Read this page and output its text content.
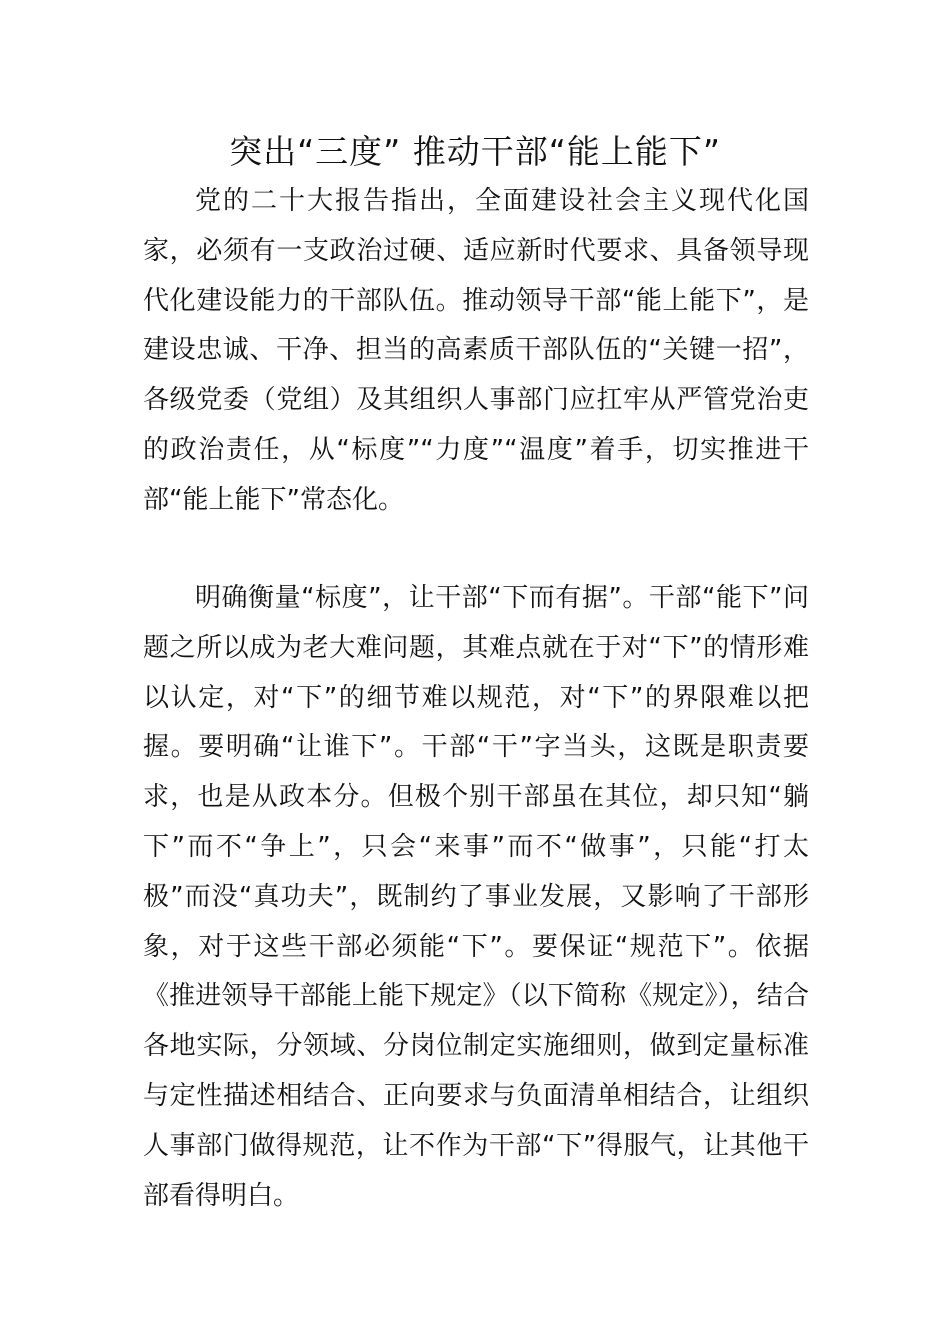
突出“三度” 推动干部“能上能下”

党的二十大报告指出，全面建设社会主义现代化国家，必须有一支政治过硬、适应新时代要求、具备领导现代化建设能力的干部队伍。推动领导干部“能上能下”，是建设忠诚、干净、担当的高素质干部队伍的“关键一招”，各级党委（党组）及其组织人事部门应扛牢从严管党治吏的政治责任，从“标度”“力度”“温度”着手，切实推进干部“能上能下”常态化。

明确衡量“标度”，让干部“下而有据”。干部“能下”问题之所以成为老大难问题，其难点就在于对“下”的情形难以认定，对“下”的细节难以规范，对“下”的界限难以把握。要明确“让谁下”。干部“干”字当头，这既是职责要求，也是从政本分。但极个别干部虽在其位，却只知“躺下”而不“争上”，只会“来事”而不“做事”，只能“打太极”而没“真功夫”，既制约了事业发展，又影响了干部形象，对于这些干部必须能“下”。要保证“规范下”。依据《推进领导干部能上能下规定》（以下简称《规定》），结合各地实际，分领域、分岗位制定实施细则，做到定量标准与定性描述相结合、正向要求与负面清单相结合，让组织人事部门做得规范，让不作为干部“下”得服气，让其他干部看得明白。
